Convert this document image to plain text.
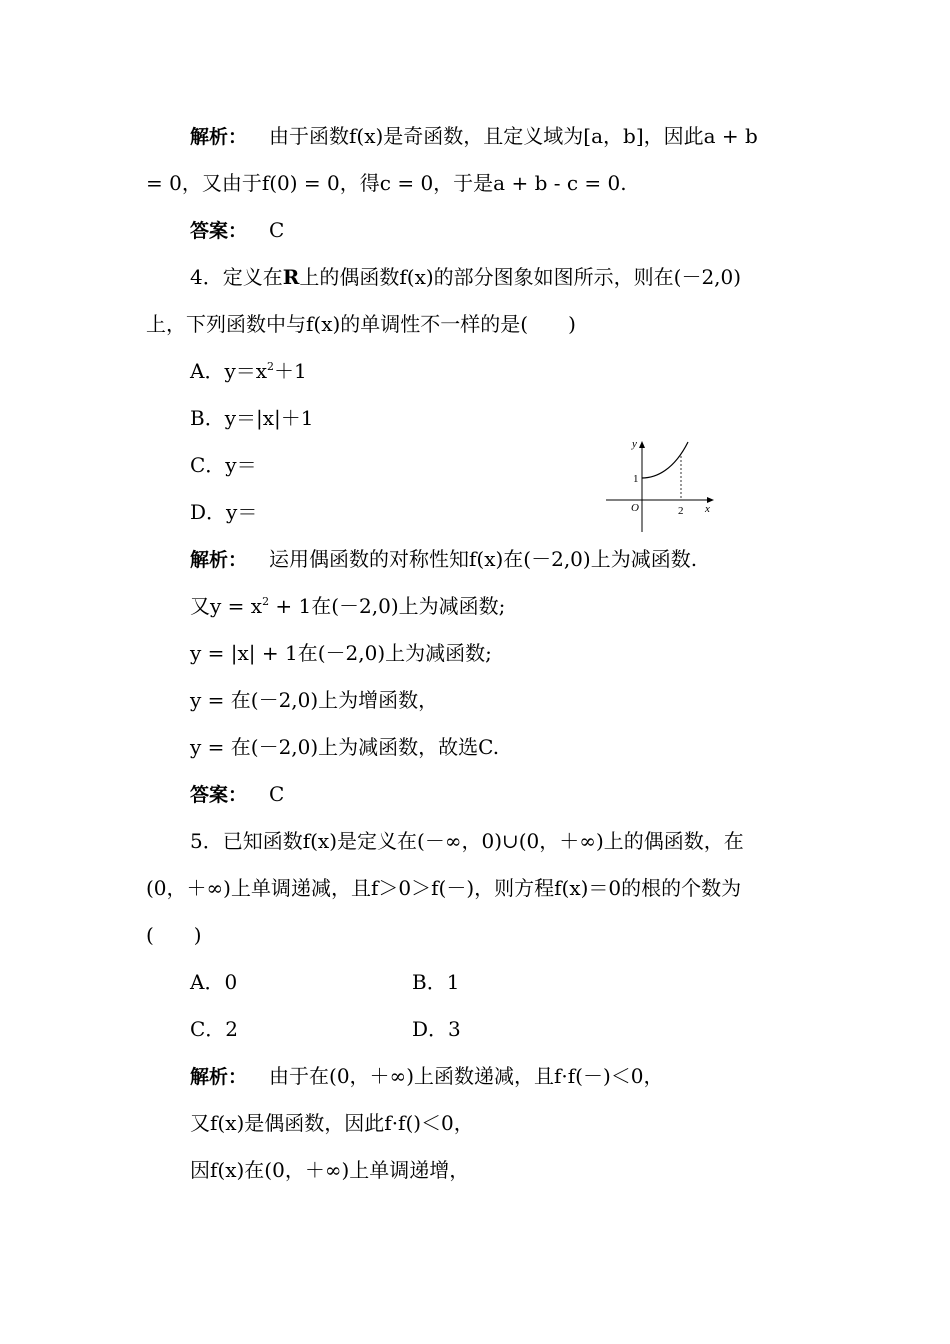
解析： 由于函数f(x)是奇函数，且定义域为[a，b]，因此a + b
= 0，又由于f(0) = 0，得c = 0，于是a + b - c = 0.
答案： C
4．定义在R上的偶函数f(x)的部分图象如图所示，则在(－2,0)
上，下列函数中与f(x)的单调性不一样的是(　　)
A．$y=x^2+1$
B．y＝|x|＋1
C．y＝
D．y＝
y
x
O
1
2
解析： 运用偶函数的对称性知f(x)在(－2,0)上为减函数.
又$y = x^2 + 1$在(－2,0)上为减函数;
y = |x| + 1在(－2,0)上为减函数;
y = 在(－2,0)上为增函数，
y = 在(－2,0)上为减函数，故选C.
答案： C
5．已知函数f(x)是定义在(－∞，0)∪(0，＋∞)上的偶函数，在
(0，＋∞)上单调递减，且f＞0＞f(－)，则方程f(x)＝0的根的个数为
(　　)
A．0	B．1
C．2	D．3
解析： 由于在(0，＋∞)上函数递减，且f·f(－)＜0，
又f(x)是偶函数，因此f·f()＜0，
因f(x)在(0，＋∞)上单调递增，
